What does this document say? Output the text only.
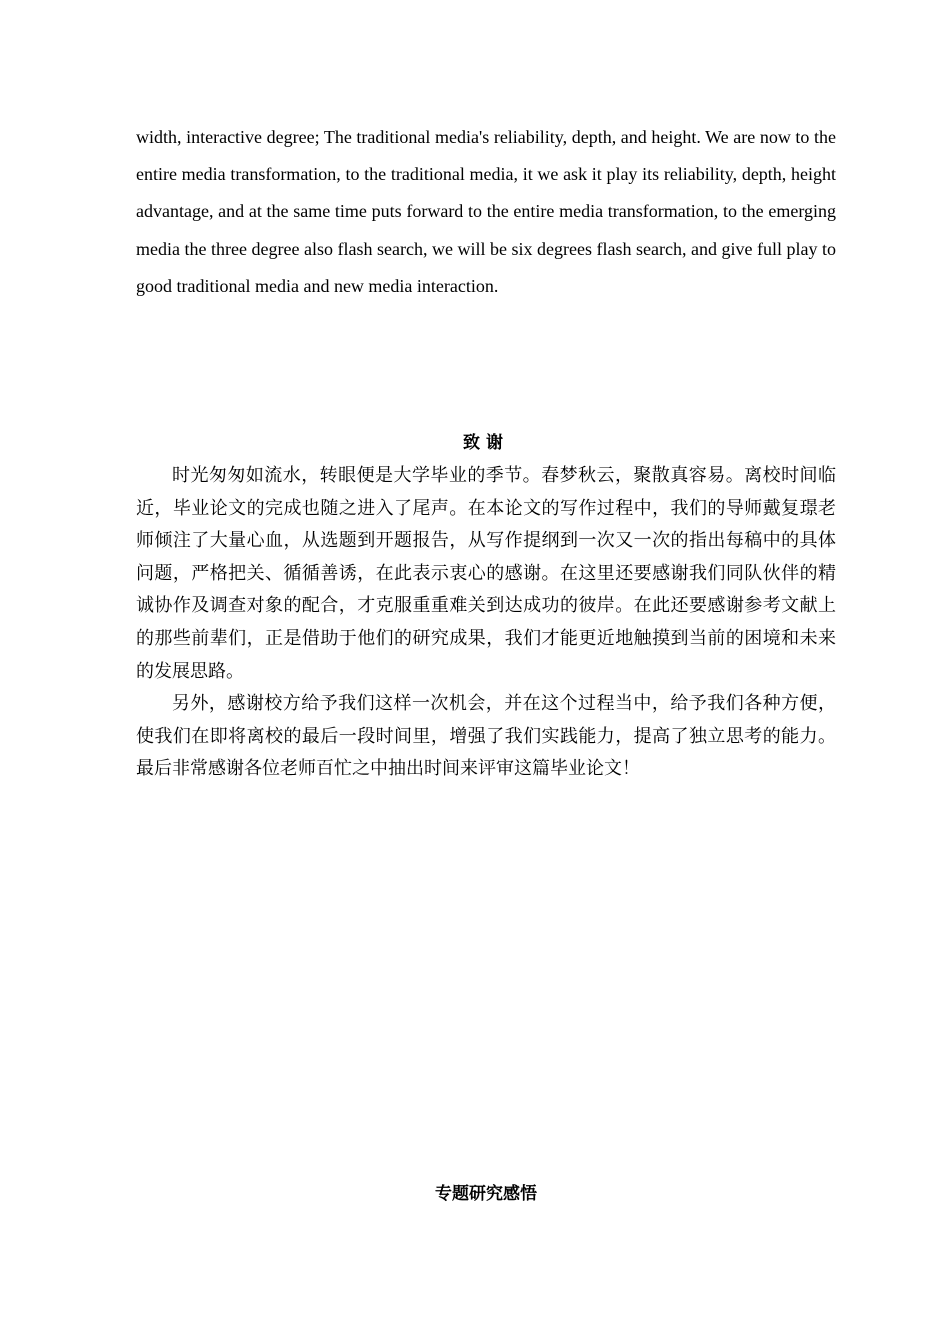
width, interactive degree; The traditional media's reliability, depth, and height. We are now to the entire media transformation, to the traditional media, it we ask it play its reliability, depth, height advantage, and at the same time puts forward to the entire media transformation, to the emerging media the three degree also flash search, we will be six degrees flash search, and give full play to good traditional media and new media interaction.

致谢

时光匆匆如流水，转眼便是大学毕业的季节。春梦秋云，聚散真容易。离校时间临近，毕业论文的完成也随之进入了尾声。在本论文的写作过程中，我们的导师戴复璟老师倾注了大量心血，从选题到开题报告，从写作提纲到一次又一次的指出每稿中的具体问题，严格把关、循循善诱，在此表示衷心的感谢。在这里还要感谢我们同队伙伴的精诚协作及调查对象的配合，才克服重重难关到达成功的彼岸。在此还要感谢参考文献上的那些前辈们，正是借助于他们的研究成果，我们才能更近地触摸到当前的困境和未来的发展思路。

另外，感谢校方给予我们这样一次机会，并在这个过程当中，给予我们各种方便，使我们在即将离校的最后一段时间里，增强了我们实践能力，提高了独立思考的能力。最后非常感谢各位老师百忙之中抽出时间来评审这篇毕业论文！

专题研究感悟
